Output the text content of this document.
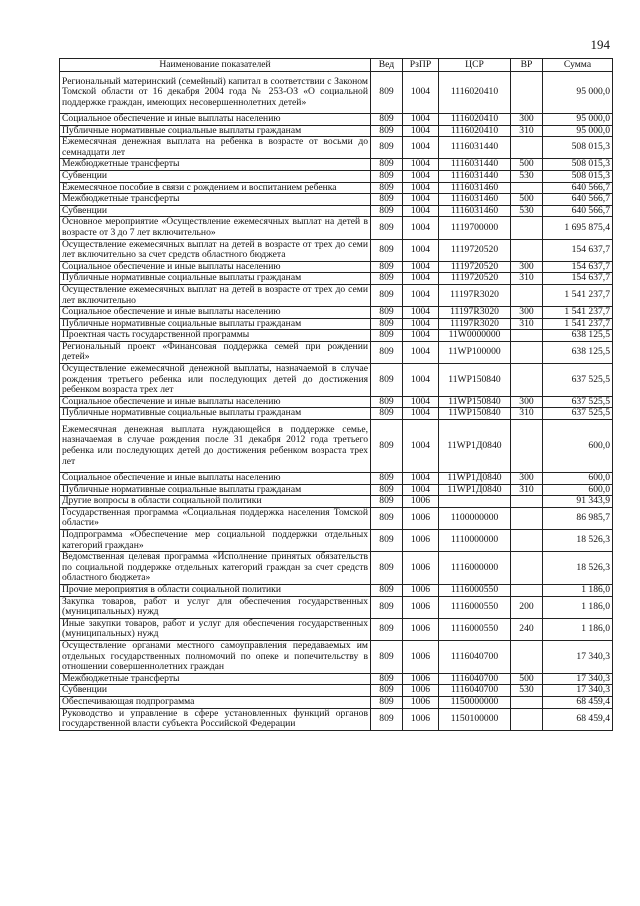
194
Наименование показателей	Вед	РзПР	ЦСР	ВР	Сумма
Региональный материнский (семейный) капитал в соответствии с Законом Томской области от 16 декабря 2004 года № 253-ОЗ «О социальной поддержке граждан, имеющих несовершеннолетних детей»	809	1004	1116020410		95 000,0
Социальное обеспечение и иные выплаты населению	809	1004	1116020410	300	95 000,0
Публичные нормативные социальные выплаты гражданам	809	1004	1116020410	310	95 000,0
Ежемесячная денежная выплата на ребенка в возрасте от восьми до семнадцати лет	809	1004	1116031440		508 015,3
Межбюджетные трансферты	809	1004	1116031440	500	508 015,3
Субвенции	809	1004	1116031440	530	508 015,3
Ежемесячное пособие в связи с рождением и воспитанием ребенка	809	1004	1116031460		640 566,7
Межбюджетные трансферты	809	1004	1116031460	500	640 566,7
Субвенции	809	1004	1116031460	530	640 566,7
Основное мероприятие «Осуществление ежемесячных выплат на детей в возрасте от 3 до 7 лет включительно»	809	1004	1119700000		1 695 875,4
Осуществление ежемесячных выплат на детей в возрасте от трех до семи лет включительно за счет средств областного бюджета	809	1004	1119720520		154 637,7
Социальное обеспечение и иные выплаты населению	809	1004	1119720520	300	154 637,7
Публичные нормативные социальные выплаты гражданам	809	1004	1119720520	310	154 637,7
Осуществление ежемесячных выплат на детей в возрасте от трех до семи лет включительно	809	1004	11197R3020		1 541 237,7
Социальное обеспечение и иные выплаты населению	809	1004	11197R3020	300	1 541 237,7
Публичные нормативные социальные выплаты гражданам	809	1004	11197R3020	310	1 541 237,7
Проектная часть государственной программы	809	1004	11W0000000		638 125,5
Региональный проект «Финансовая поддержка семей при рождении детей»	809	1004	11WP100000		638 125,5
Осуществление ежемесячной денежной выплаты, назначаемой в случае рождения третьего ребенка или последующих детей до достижения ребенком возраста трех лет	809	1004	11WP150840		637 525,5
Социальное обеспечение и иные выплаты населению	809	1004	11WP150840	300	637 525,5
Публичные нормативные социальные выплаты гражданам	809	1004	11WP150840	310	637 525,5
Ежемесячная денежная выплата нуждающейся в поддержке семье, назначаемая в случае рождения после 31 декабря 2012 года третьего ребенка или последующих детей до достижения ребенком возраста трех лет	809	1004	11WP1Д0840		600,0
Социальное обеспечение и иные выплаты населению	809	1004	11WP1Д0840	300	600,0
Публичные нормативные социальные выплаты гражданам	809	1004	11WP1Д0840	310	600,0
Другие вопросы в области социальной политики	809	1006			91 343,9
Государственная программа «Социальная поддержка населения Томской области»	809	1006	1100000000		86 985,7
Подпрограмма «Обеспечение мер социальной поддержки отдельных категорий граждан»	809	1006	1110000000		18 526,3
Ведомственная целевая программа «Исполнение принятых обязательств по социальной поддержке отдельных категорий граждан за счет средств областного бюджета»	809	1006	1116000000		18 526,3
Прочие мероприятия в области социальной политики	809	1006	1116000550		1 186,0
Закупка товаров, работ и услуг для обеспечения государственных (муниципальных) нужд	809	1006	1116000550	200	1 186,0
Иные закупки товаров, работ и услуг для обеспечения государственных (муниципальных) нужд	809	1006	1116000550	240	1 186,0
Осуществление органами местного самоуправления передаваемых им отдельных государственных полномочий по опеке и попечительству в отношении совершеннолетних граждан	809	1006	1116040700		17 340,3
Межбюджетные трансферты	809	1006	1116040700	500	17 340,3
Субвенции	809	1006	1116040700	530	17 340,3
Обеспечивающая подпрограмма	809	1006	1150000000		68 459,4
Руководство и управление в сфере установленных функций органов государственной власти субъекта Российской Федерации	809	1006	1150100000		68 459,4
